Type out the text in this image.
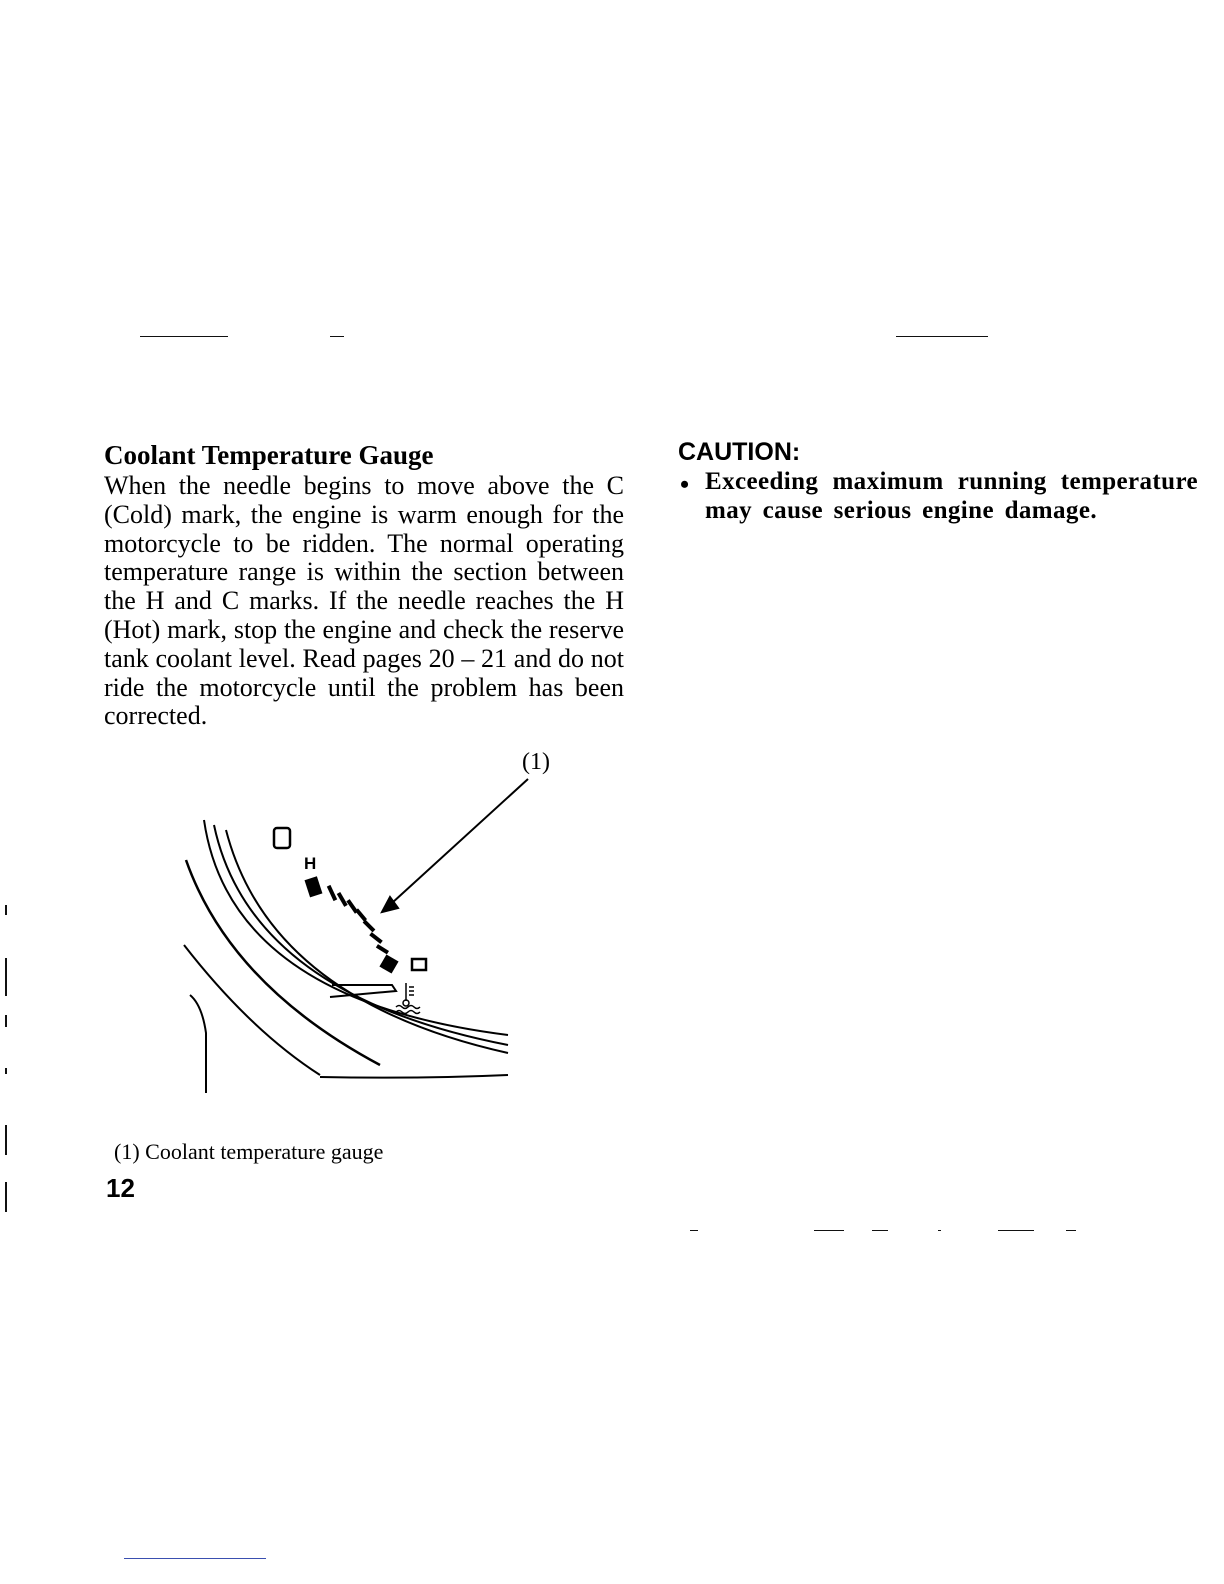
Coolant Temperature Gauge

When the needle begins to move above the C (Cold) mark, the engine is warm enough for the motorcycle to be ridden. The normal operating temperature range is within the section between the H and C marks. If the needle reaches the H (Hot) mark, stop the engine and check the reserve tank coolant level. Read pages 20 – 21 and do not ride the motorcycle until the problem has been corrected.

CAUTION:
• Exceeding maximum running temperature may cause serious engine damage.
(1)
H
C
(1) Coolant temperature gauge
12
